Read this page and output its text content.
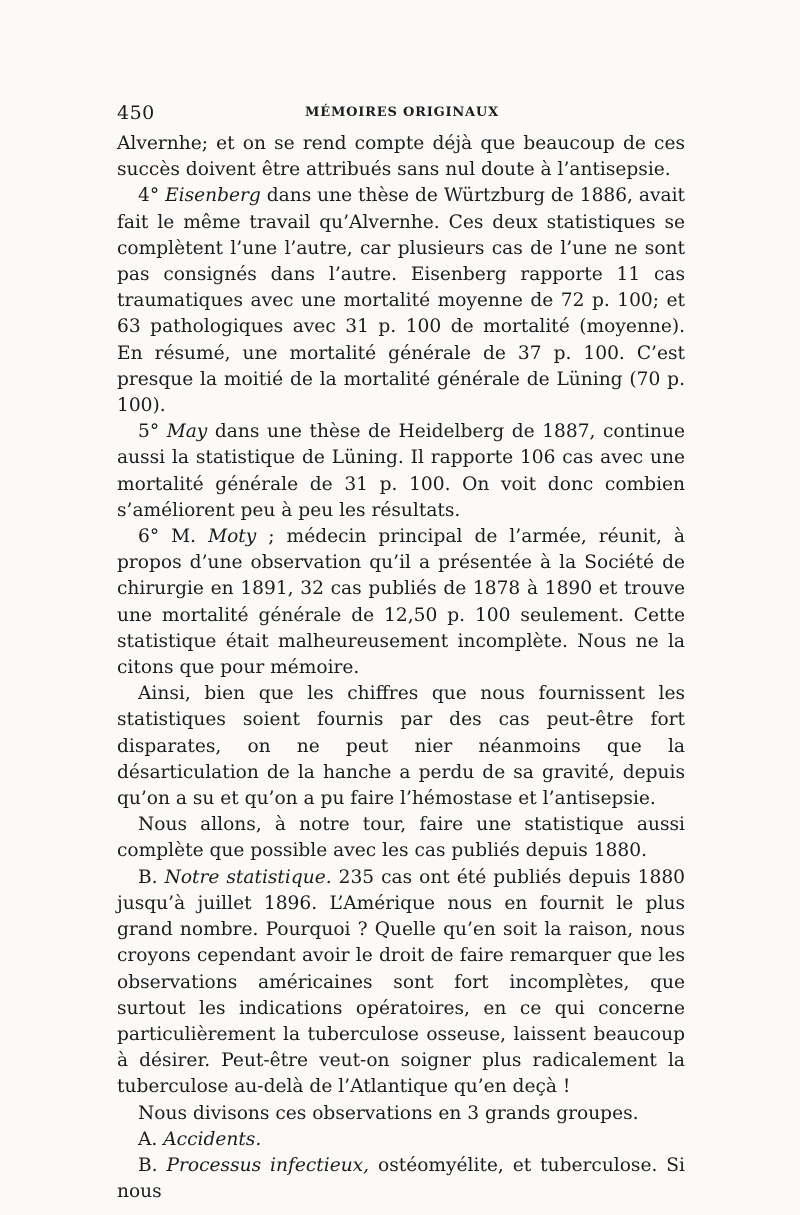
450	MÉMOIRES ORIGINAUX

Alvernhe; et on se rend compte déjà que beaucoup de ces succès doivent être attribués sans nul doute à l’antisepsie.

4° Eisenberg dans une thèse de Würtzburg de 1886, avait fait le même travail qu’Alvernhe. Ces deux statistiques se complètent l’une l’autre, car plusieurs cas de l’une ne sont pas consignés dans l’autre. Eisenberg rapporte 11 cas traumatiques avec une mortalité moyenne de 72 p. 100; et 63 pathologiques avec 31 p. 100 de mortalité (moyenne). En résumé, une mortalité générale de 37 p. 100. C’est presque la moitié de la mortalité générale de Lüning (70 p. 100).

5° May dans une thèse de Heidelberg de 1887, continue aussi la statistique de Lüning. Il rapporte 106 cas avec une mortalité générale de 31 p. 100. On voit donc combien s’améliorent peu à peu les résultats.

6° M. Moty ; médecin principal de l’armée, réunit, à propos d’une observation qu’il a présentée à la Société de chirurgie en 1891, 32 cas publiés de 1878 à 1890 et trouve une mortalité générale de 12,50 p. 100 seulement. Cette statistique était malheureusement incomplète. Nous ne la citons que pour mémoire.

Ainsi, bien que les chiffres que nous fournissent les statistiques soient fournis par des cas peut-être fort disparates, on ne peut nier néanmoins que la désarticulation de la hanche a perdu de sa gravité, depuis qu’on a su et qu’on a pu faire l’hémostase et l’antisepsie.

Nous allons, à notre tour, faire une statistique aussi complète que possible avec les cas publiés depuis 1880.

B. Notre statistique. 235 cas ont été publiés depuis 1880 jusqu’à juillet 1896. L’Amérique nous en fournit le plus grand nombre. Pourquoi ? Quelle qu’en soit la raison, nous croyons cependant avoir le droit de faire remarquer que les observations américaines sont fort incomplètes, que surtout les indications opératoires, en ce qui concerne particulièrement la tuberculose osseuse, laissent beaucoup à désirer. Peut-être veut-on soigner plus radicalement la tuberculose au-delà de l’Atlantique qu’en deçà !

Nous divisons ces observations en 3 grands groupes.

A. Accidents.

B. Processus infectieux, ostéomyélite, et tuberculose. Si nous
